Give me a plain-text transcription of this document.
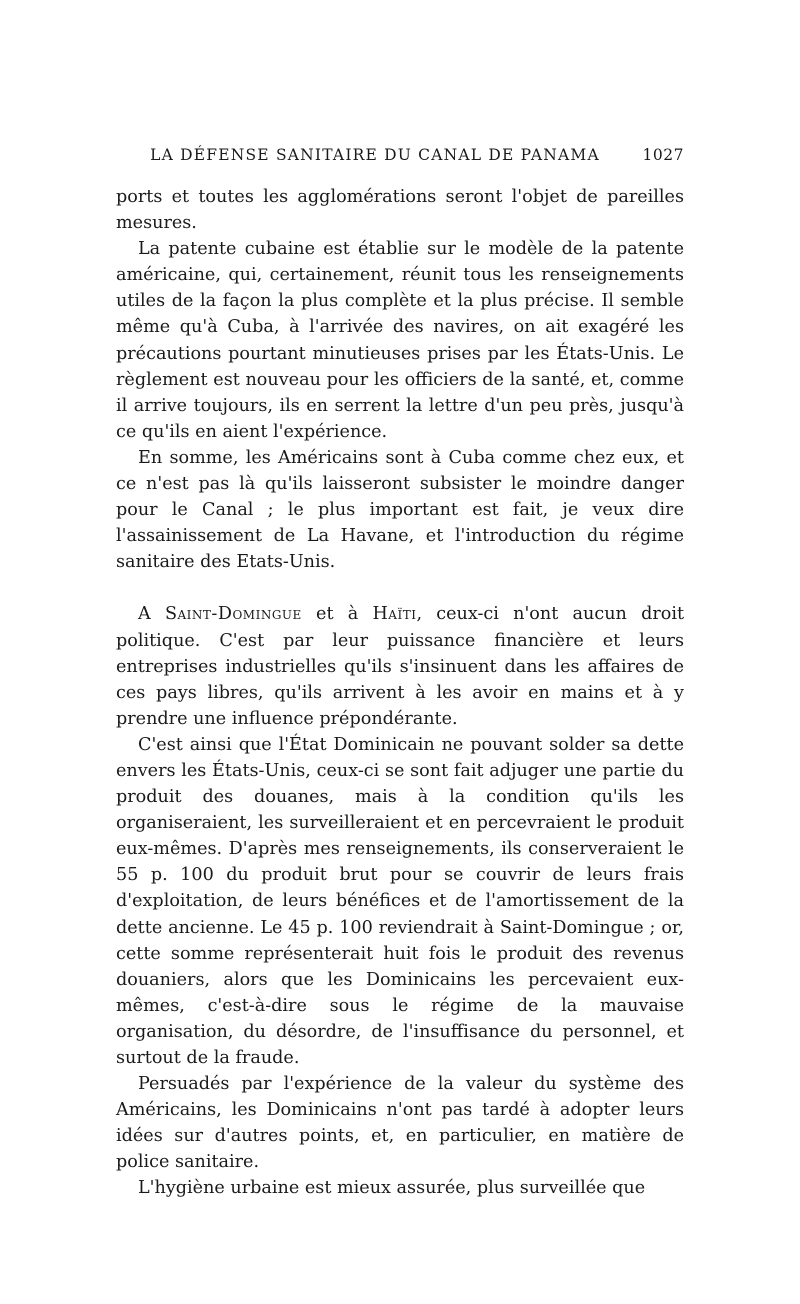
LA DÉFENSE SANITAIRE DU CANAL DE PANAMA	1027

ports et toutes les agglomérations seront l'objet de pareilles mesures.

La patente cubaine est établie sur le modèle de la patente américaine, qui, certainement, réunit tous les renseignements utiles de la façon la plus complète et la plus précise. Il semble même qu'à Cuba, à l'arrivée des navires, on ait exagéré les précautions pourtant minutieuses prises par les États-Unis. Le règlement est nouveau pour les officiers de la santé, et, comme il arrive toujours, ils en serrent la lettre d'un peu près, jusqu'à ce qu'ils en aient l'expérience.

En somme, les Américains sont à Cuba comme chez eux, et ce n'est pas là qu'ils laisseront subsister le moindre danger pour le Canal ; le plus important est fait, je veux dire l'assainissement de La Havane, et l'introduction du régime sanitaire des Etats-Unis.

A Saint-Domingue et à Haïti, ceux-ci n'ont aucun droit politique. C'est par leur puissance financière et leurs entreprises industrielles qu'ils s'insinuent dans les affaires de ces pays libres, qu'ils arrivent à les avoir en mains et à y prendre une influence prépondérante.

C'est ainsi que l'État Dominicain ne pouvant solder sa dette envers les États-Unis, ceux-ci se sont fait adjuger une partie du produit des douanes, mais à la condition qu'ils les organiseraient, les surveilleraient et en percevraient le produit eux-mêmes. D'après mes renseignements, ils conserveraient le 55 p. 100 du produit brut pour se couvrir de leurs frais d'exploitation, de leurs bénéfices et de l'amortissement de la dette ancienne. Le 45 p. 100 reviendrait à Saint-Domingue ; or, cette somme représenterait huit fois le produit des revenus douaniers, alors que les Dominicains les percevaient eux-mêmes, c'est-à-dire sous le régime de la mauvaise organisation, du désordre, de l'insuffisance du personnel, et surtout de la fraude.

Persuadés par l'expérience de la valeur du système des Américains, les Dominicains n'ont pas tardé à adopter leurs idées sur d'autres points, et, en particulier, en matière de police sanitaire.

L'hygiène urbaine est mieux assurée, plus surveillée que
